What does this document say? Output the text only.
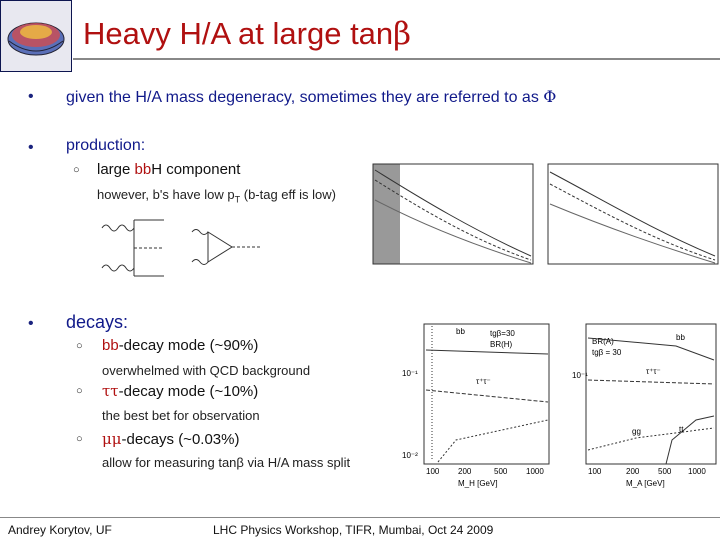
Heavy H/A at large tanβ
• given the H/A mass degeneracy, sometimes they are referred to as Φ
• production:
○ large bbH component
however, b's have low $p_T$ (b-tag eff is low)
• decays:
○ bb-decay mode (~90%)
overwhelmed with QCD background
○ ττ-decay mode (~10%)
the best bet for observation
○ μμ-decays (~0.03%)
allow for measuring tanβ via H/A mass split
tgβ=30
BR(H)
bb
τ⁺τ⁻
10⁻¹
10⁻²
100 200	500 1000
M_H [GeV]
BR(A)
tgβ = 30
bb
τ⁺τ⁻
gg	tt
10⁻¹
100	200 500 1000
M_A [GeV]
Andrey Korytov, UF	LHC Physics Workshop, TIFR, Mumbai, Oct 24 2009
